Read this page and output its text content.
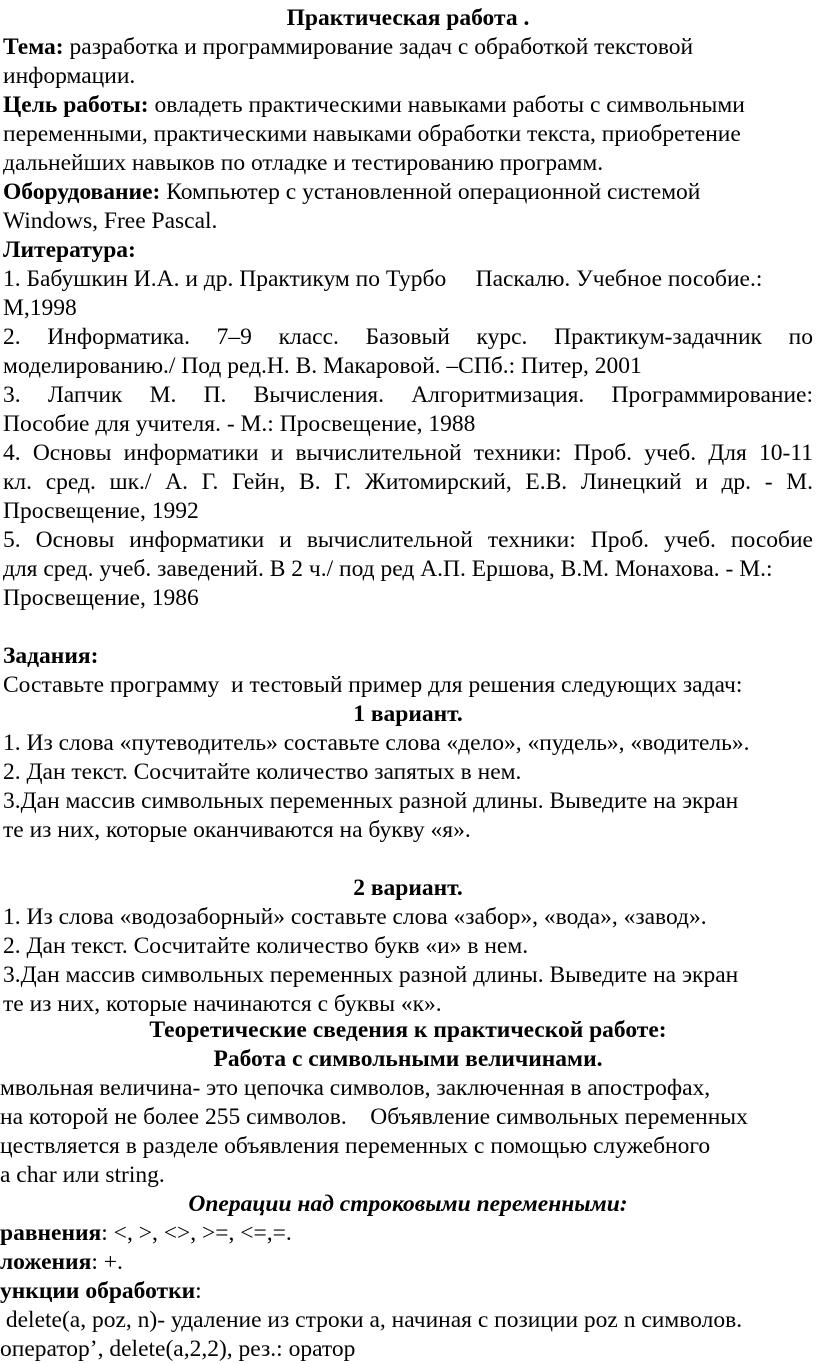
Практическая работа .
Тема: разработка и программирование задач с обработкой текстовой
информации.
Цель работы: овладеть практическими навыками работы с символьными
переменными, практическими навыками обработки текста, приобретение
дальнейших навыков по отладке и тестированию программ.
Оборудование: Компьютер с установленной операционной системой
Windows, Free Pascal.
Литература:
1. Бабушкин И.А. и др. Практикум по Турбо     Паскалю. Учебное пособие.:
М,1998
2. Информатика. 7–9 класс. Базовый курс. Практикум-задачник по
моделированию./ Под ред.Н. В. Макаровой. –СПб.: Питер, 2001
3. Лапчик М. П. Вычисления. Алгоритмизация. Программирование:
Пособие для учителя. - М.: Просвещение, 1988
4. Основы информатики и вычислительной техники: Проб. учеб. Для 10-11
кл. сред. шк./ А. Г. Гейн, В. Г. Житомирский, Е.В. Линецкий и др. - М.
Просвещение, 1992
5. Основы информатики и вычислительной техники: Проб. учеб. пособие
для сред. учеб. заведений. В 2 ч./ под ред А.П. Ершова, В.М. Монахова. - М.:
Просвещение, 1986
Задания:
Составьте программу  и тестовый пример для решения следующих задач:
1 вариант.
1. Из слова «путеводитель» составьте слова «дело», «пудель», «водитель».
2. Дан текст. Сосчитайте количество запятых в нем.
3.Дан массив символьных переменных разной длины. Выведите на экран
те из них, которые оканчиваются на букву «я».
2 вариант.
1. Из слова «водозаборный» составьте слова «забор», «вода», «завод».
2. Дан текст. Сосчитайте количество букв «и» в нем.
3.Дан массив символьных переменных разной длины. Выведите на экран
те из них, которые начинаются с буквы «к».
Теоретические сведения к практической работе:
Работа с символьными величинами.
мвольная величина- это цепочка символов, заключенная в апострофах,
на которой не более 255 символов.    Объявление символьных переменных
цествляется в разделе объявления переменных с помощью служебного
а char или string.
Операции над строковыми переменными:
равнения: <, >, <>, >=, <=,=.
ложения: +.
ункции обработки:
delete(a, poz, n)- удаление из строки а, начиная с позиции poz n символов.
оператор’, delete(a,2,2), рез.: оратор
